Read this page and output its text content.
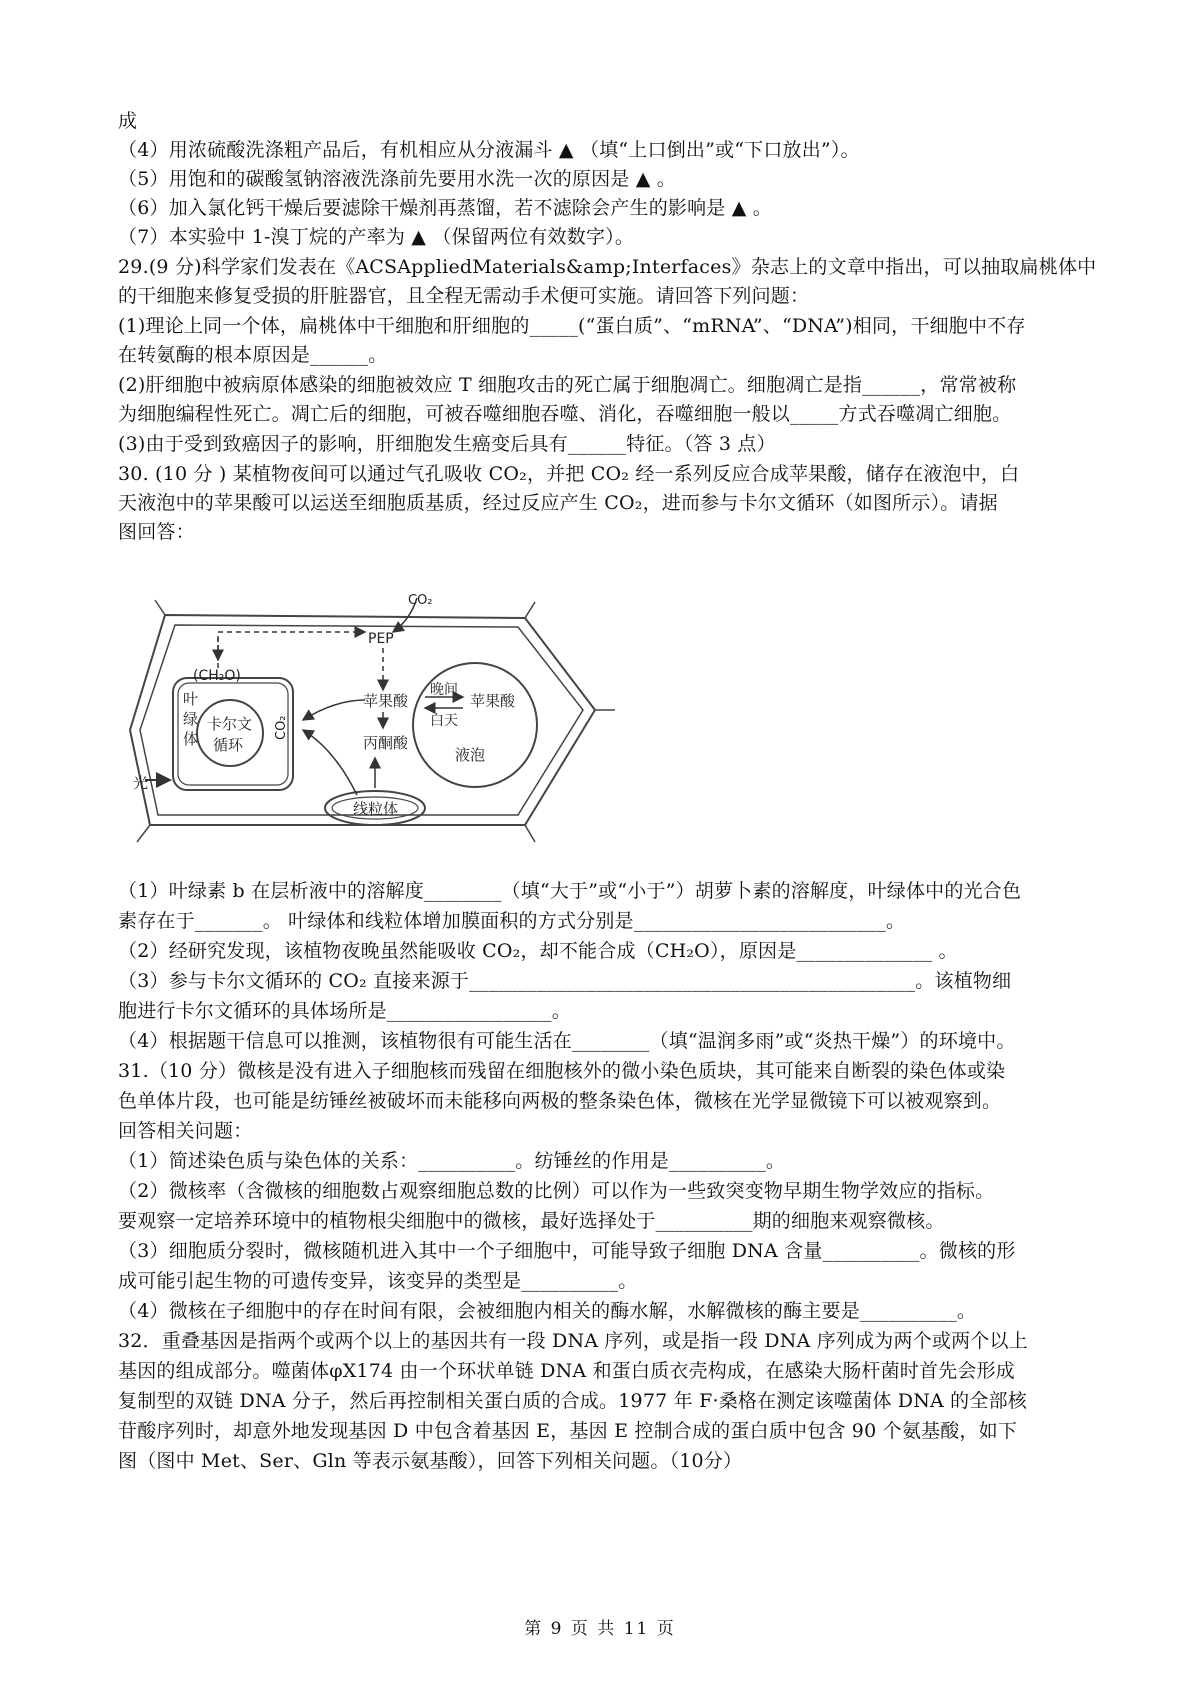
成
（4）用浓硫酸洗涤粗产品后，有机相应从分液漏斗 ▲ （填“上口倒出”或“下口放出”）。
（5）用饱和的碳酸氢钠溶液洗涤前先要用水洗一次的原因是 ▲ 。
（6）加入氯化钙干燥后要滤除干燥剂再蒸馏，若不滤除会产生的影响是 ▲ 。
（7）本实验中 1-溴丁烷的产率为 ▲ （保留两位有效数字）。
29.(9 分)科学家们发表在《ACSAppliedMaterials&amp;Interfaces》杂志上的文章中指出，可以抽取扁桃体中
的干细胞来修复受损的肝脏器官，且全程无需动手术便可实施。请回答下列问题：
(1)理论上同一个体，扁桃体中干细胞和肝细胞的_____(“蛋白质”、“mRNA”、“DNA”)相同，干细胞中不存
在转氨酶的根本原因是______。
(2)肝细胞中被病原体感染的细胞被效应 T 细胞攻击的死亡属于细胞凋亡。细胞凋亡是指______，常常被称
为细胞编程性死亡。凋亡后的细胞，可被吞噬细胞吞噬、消化，吞噬细胞一般以_____方式吞噬凋亡细胞。
(3)由于受到致癌因子的影响，肝细胞发生癌变后具有______特征。（答 3 点）
30. (10 分 ) 某植物夜间可以通过气孔吸收 CO₂，并把 CO₂ 经一系列反应合成苹果酸，储存在液泡中，白
天液泡中的苹果酸可以运送至细胞质基质，经过反应产生 CO₂，进而参与卡尔文循环（如图所示）。请据
图回答：
CO₂
PEP
(CH₂O)
叶绿体
卡尔文
循环
CO₂
苹果酸
晚间
白天
苹果酸
丙酮酸
液泡
线粒体
光
（1）叶绿素 b 在层析液中的溶解度________（填“大于”或“小于”）胡萝卜素的溶解度，叶绿体中的光合色
素存在于_______。 叶绿体和线粒体增加膜面积的方式分别是__________________________。
（2）经研究发现，该植物夜晚虽然能吸收 CO₂，却不能合成（CH₂O），原因是______________ 。
（3）参与卡尔文循环的 CO₂ 直接来源于______________________________________________。该植物细
胞进行卡尔文循环的具体场所是_________________。
（4）根据题干信息可以推测，该植物很有可能生活在________（填“温润多雨”或“炎热干燥”）的环境中。
31.（10 分）微核是没有进入子细胞核而残留在细胞核外的微小染色质块，其可能来自断裂的染色体或染
色单体片段，也可能是纺锤丝被破坏而未能移向两极的整条染色体，微核在光学显微镜下可以被观察到。
回答相关问题：
（1）简述染色质与染色体的关系：__________。纺锤丝的作用是__________。
（2）微核率（含微核的细胞数占观察细胞总数的比例）可以作为一些致突变物早期生物学效应的指标。
要观察一定培养环境中的植物根尖细胞中的微核，最好选择处于__________期的细胞来观察微核。
（3）细胞质分裂时，微核随机进入其中一个子细胞中，可能导致子细胞 DNA 含量__________。微核的形
成可能引起生物的可遗传变异，该变异的类型是__________。
（4）微核在子细胞中的存在时间有限，会被细胞内相关的酶水解，水解微核的酶主要是__________。
32．重叠基因是指两个或两个以上的基因共有一段 DNA 序列，或是指一段 DNA 序列成为两个或两个以上
基因的组成部分。噬菌体φX174 由一个环状单链 DNA 和蛋白质衣壳构成，在感染大肠杆菌时首先会形成
复制型的双链 DNA 分子，然后再控制相关蛋白质的合成。1977 年 F·桑格在测定该噬菌体 DNA 的全部核
苷酸序列时，却意外地发现基因 D 中包含着基因 E，基因 E 控制合成的蛋白质中包含 90 个氨基酸，如下
图（图中 Met、Ser、Gln 等表示氨基酸），回答下列相关问题。（10分）
第 9 页 共 11 页
